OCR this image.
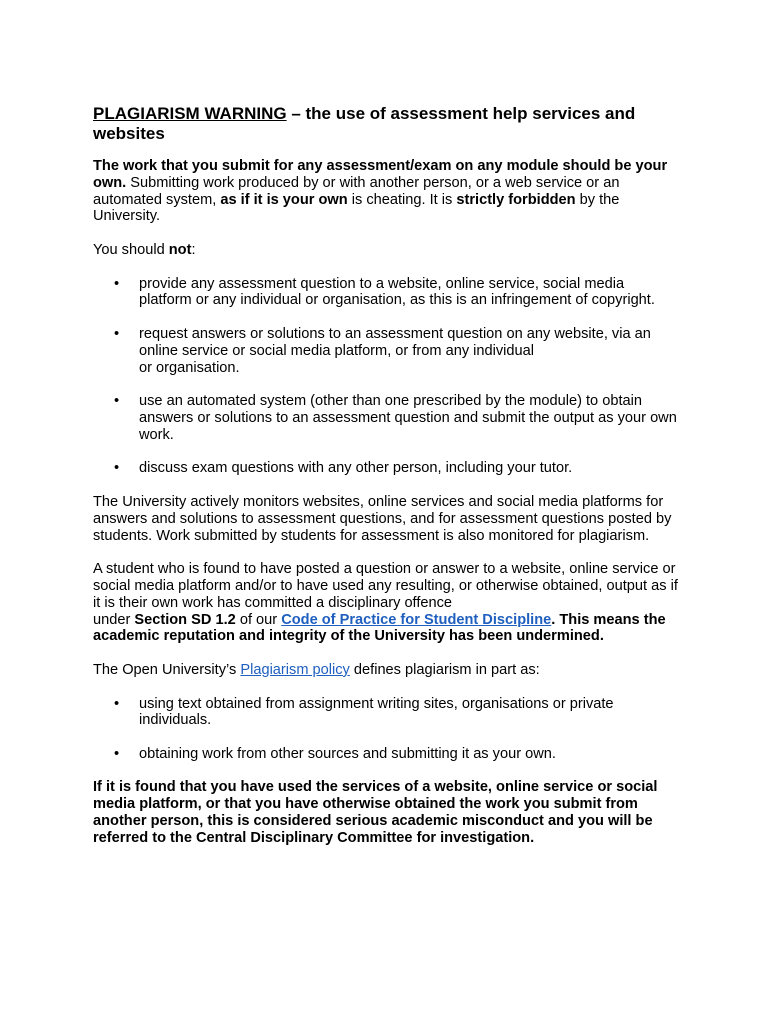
PLAGIARISM WARNING – the use of assessment help services and websites

The work that you submit for any assessment/exam on any module should be your own. Submitting work produced by or with another person, or a web service or an automated system, as if it is your own is cheating. It is strictly forbidden by the University.

You should not:

• provide any assessment question to a website, online service, social media platform or any individual or organisation, as this is an infringement of copyright.
• request answers or solutions to an assessment question on any website, via an online service or social media platform, or from any individual
or organisation.
• use an automated system (other than one prescribed by the module) to obtain answers or solutions to an assessment question and submit the output as your own work.
• discuss exam questions with any other person, including your tutor.

The University actively monitors websites, online services and social media platforms for answers and solutions to assessment questions, and for assessment questions posted by students. Work submitted by students for assessment is also monitored for plagiarism.

A student who is found to have posted a question or answer to a website, online service or social media platform and/or to have used any resulting, or otherwise obtained, output as if it is their own work has committed a disciplinary offence
under Section SD 1.2 of our Code of Practice for Student Discipline. This means the academic reputation and integrity of the University has been undermined.

The Open University’s Plagiarism policy defines plagiarism in part as:

• using text obtained from assignment writing sites, organisations or private individuals.
• obtaining work from other sources and submitting it as your own.

If it is found that you have used the services of a website, online service or social media platform, or that you have otherwise obtained the work you submit from another person, this is considered serious academic misconduct and you will be referred to the Central Disciplinary Committee for investigation.
